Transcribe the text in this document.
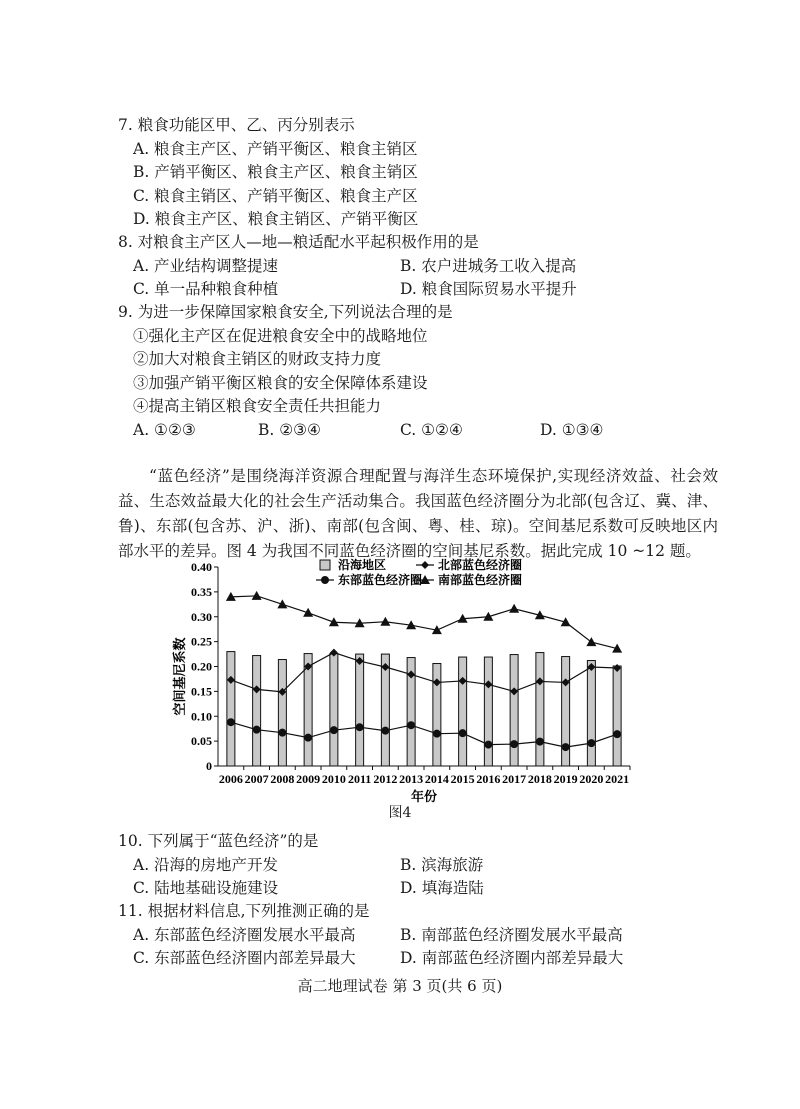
7. 粮食功能区甲、乙、丙分别表示
A. 粮食主产区、产销平衡区、粮食主销区
B. 产销平衡区、粮食主产区、粮食主销区
C. 粮食主销区、产销平衡区、粮食主产区
D. 粮食主产区、粮食主销区、产销平衡区
8. 对粮食主产区人—地—粮适配水平起积极作用的是
A. 产业结构调整提速	B. 农户进城务工收入提高
C. 单一品种粮食种植	D. 粮食国际贸易水平提升
9. 为进一步保障国家粮食安全,下列说法合理的是
①强化主产区在促进粮食安全中的战略地位
②加大对粮食主销区的财政支持力度
③加强产销平衡区粮食的安全保障体系建设
④提高主销区粮食安全责任共担能力
A. ①②③	B. ②③④	C. ①②④	D. ①③④
“蓝色经济”是围绕海洋资源合理配置与海洋生态环境保护,实现经济效益、社会效益、生态效益最大化的社会生产活动集合。我国蓝色经济圈分为北部(包含辽、冀、津、鲁)、东部(包含苏、沪、浙)、南部(包含闽、粤、桂、琼)。空间基尼系数可反映地区内部水平的差异。图 4 为我国不同蓝色经济圈的空间基尼系数。据此完成 10 ~12 题。
0
0.05
0.10
0.15
0.20
0.25
0.30
0.35
0.40
2006 2007 2008 2009 2010 2011 2012 2013 2014 2015 2016 2017 2018 2019 2020 2021
年份
空间基尼系数
沿海地区	北部蓝色经济圈
东部蓝色经济圈 南部蓝色经济圈
图4
10. 下列属于“蓝色经济”的是
A. 沿海的房地产开发	B. 滨海旅游
C. 陆地基础设施建设	D. 填海造陆
11. 根据材料信息,下列推测正确的是
A. 东部蓝色经济圈发展水平最高	B. 南部蓝色经济圈发展水平最高
C. 东部蓝色经济圈内部差异最大	D. 南部蓝色经济圈内部差异最大
高二地理试卷 第 3 页(共 6 页)
